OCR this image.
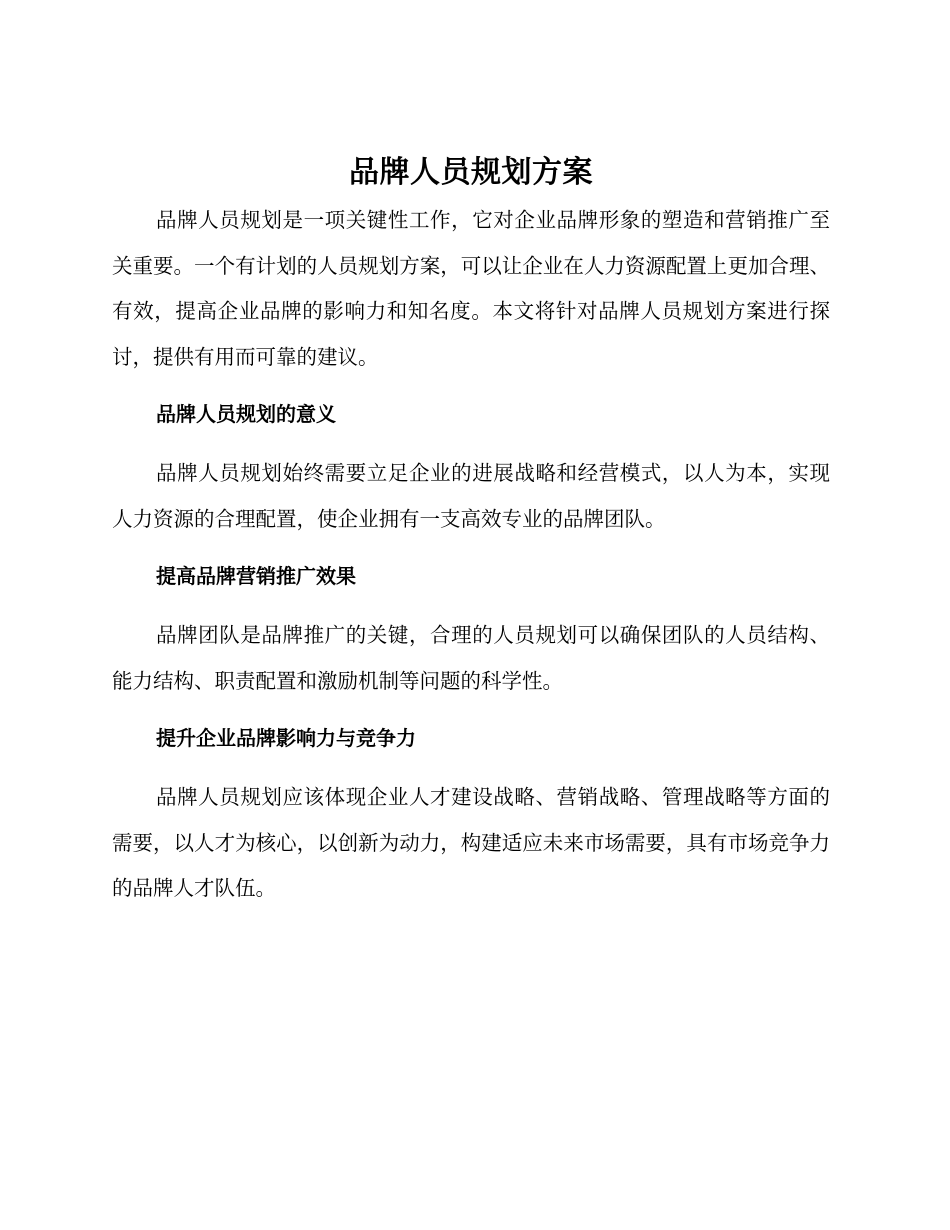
品牌人员规划方案

品牌人员规划是一项关键性工作，它对企业品牌形象的塑造和营销推广至关重要。一个有计划的人员规划方案，可以让企业在人力资源配置上更加合理、有效，提高企业品牌的影响力和知名度。本文将针对品牌人员规划方案进行探讨，提供有用而可靠的建议。

品牌人员规划的意义

品牌人员规划始终需要立足企业的进展战略和经营模式，以人为本，实现人力资源的合理配置，使企业拥有一支高效专业的品牌团队。

提高品牌营销推广效果

品牌团队是品牌推广的关键，合理的人员规划可以确保团队的人员结构、能力结构、职责配置和激励机制等问题的科学性。

提升企业品牌影响力与竞争力

品牌人员规划应该体现企业人才建设战略、营销战略、管理战略等方面的需要，以人才为核心，以创新为动力，构建适应未来市场需要，具有市场竞争力的品牌人才队伍。
